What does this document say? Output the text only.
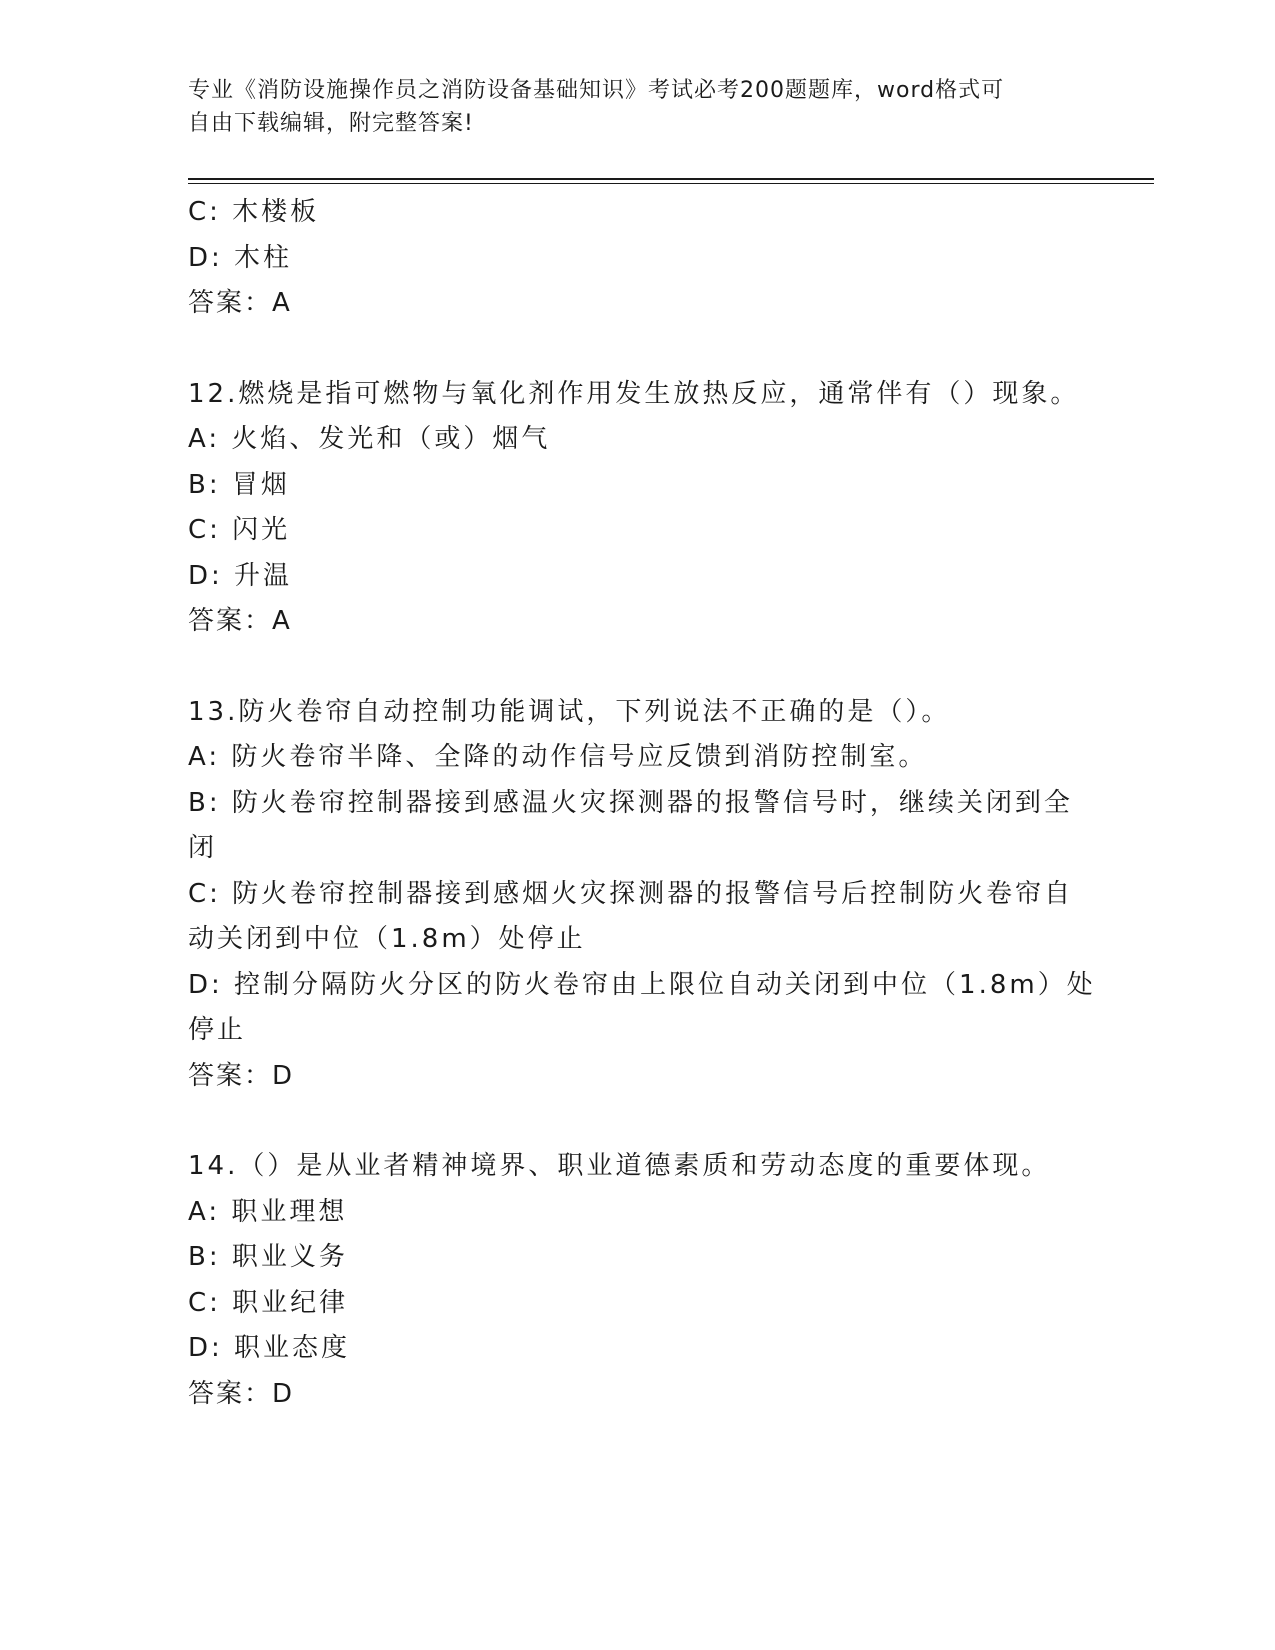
专业《消防设施操作员之消防设备基础知识》考试必考200题题库，word格式可
自由下载编辑，附完整答案!
C: 木楼板
D: 木柱
答案：A
12.燃烧是指可燃物与氧化剂作用发生放热反应，通常伴有（）现象。
A: 火焰、发光和（或）烟气
B: 冒烟
C: 闪光
D: 升温
答案：A
13.防火卷帘自动控制功能调试，下列说法不正确的是（）。
A: 防火卷帘半降、全降的动作信号应反馈到消防控制室。
B: 防火卷帘控制器接到感温火灾探测器的报警信号时，继续关闭到全
闭
C: 防火卷帘控制器接到感烟火灾探测器的报警信号后控制防火卷帘自
动关闭到中位（1.8m）处停止
D: 控制分隔防火分区的防火卷帘由上限位自动关闭到中位（1.8m）处
停止
答案：D
14.（）是从业者精神境界、职业道德素质和劳动态度的重要体现。
A: 职业理想
B: 职业义务
C: 职业纪律
D: 职业态度
答案：D
